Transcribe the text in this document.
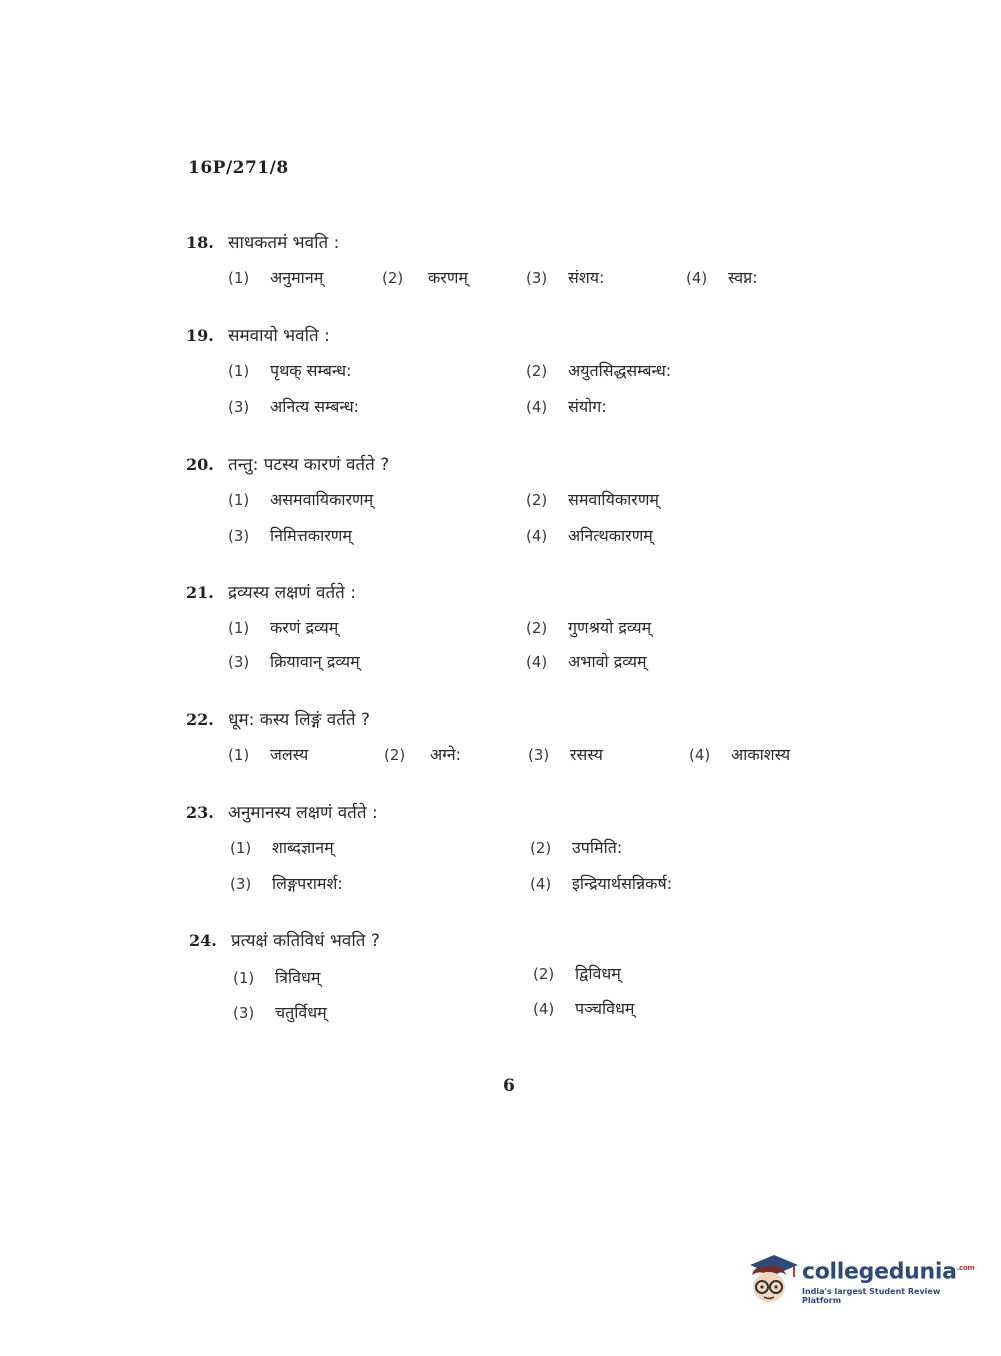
16P/271/8
18. साधकतमं भवति :
(1)	अनुमानम्	(2)	करणम्	(3)	संशय:	(4)	स्वप्न:
19. समवायो भवति :
(1)	पृथक् सम्बन्ध:	(2)	अयुतसिद्धसम्बन्ध:
(3)	अनित्य सम्बन्ध:	(4)	संयोग:
20. तन्तु: पटस्य कारणं वर्तते ?
(1)	असमवायिकारणम्	(2)	समवायिकारणम्
(3)	निमित्तकारणम्	(4)	अनित्थकारणम्
21. द्रव्यस्य लक्षणं वर्तते :
(1)	करणं द्रव्यम्	(2)	गुणश्रयो द्रव्यम्
(3)	क्रियावान् द्रव्यम्	(4)	अभावो द्रव्यम्
22. धूम: कस्य लिङ्गं वर्तते ?
(1)	जलस्य	(2)	अग्ने:	(3)	रसस्य	(4)	आकाशस्य
23. अनुमानस्य लक्षणं वर्तते :
(1)	शाब्दज्ञानम्	(2)	उपमिति:
(3)	लिङ्गपरामर्श:	(4)	इन्द्रियार्थसन्निकर्ष:
24. प्रत्यक्षं कतिविधं भवति ?
(1)	त्रिविधम्	(2)	द्विविधम्
(3)	चतुर्विधम्	(4)	पञ्चविधम्
6
collegedunia$^{.com}$
India's largest Student Review Platform
